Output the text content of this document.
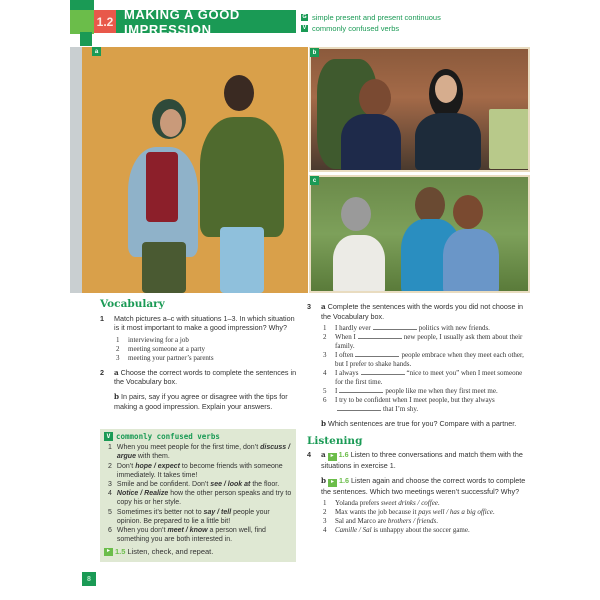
1.2 MAKING A GOOD IMPRESSION
G simple present and present continuous
V commonly confused verbs
a	b
c
Vocabulary
1	Match pictures a–c with situations 1–3. In which situation is it most important to make a good impression? Why?
1	interviewing for a job
2	meeting someone at a party
3	meeting your partner’s parents
2	a Choose the correct words to complete the sentences in the Vocabulary box.
b In pairs, say if you agree or disagree with the tips for making a good impression. Explain your answers.
V commonly confused verbs
1 When you meet people for the first time, don’t discuss / argue with them.
2 Don’t hope / expect to become friends with someone immediately. It takes time!
3 Smile and be confident. Don’t see / look at the floor.
4 Notice / Realize how the other person speaks and try to copy his or her style.
5 Sometimes it’s better not to say / tell people your opinion. Be prepared to lie a little bit!
6 When you don’t meet / know a person well, find something you are both interested in.
▸ 1.5 Listen, check, and repeat.
3	a Complete the sentences with the words you did not choose in the Vocabulary box.
1	I hardly ever	politics with new friends.
2	When I	new people, I usually ask them about their family.
3	I often	people embrace when they meet each other, but I prefer to shake hands.
4	I always	“nice to meet you” when I meet someone for the first time.
5	I	people like me when they first meet me.
6	I try to be confident when I meet people, but they alwaysthat I’m shy.
b Which sentences are true for you? Compare with a partner.
Listening
4	a ▸ 1.6 Listen to three conversations and match them with the situations in exercise 1.
b ▸ 1.6 Listen again and choose the correct words to complete the sentences. Which two meetings weren’t successful? Why?
1	Yolanda prefers sweet drinks / coffee.
2	Max wants the job because it pays well / has a big office.
3	Sal and Marco are brothers / friends.
4	Camille / Sal is unhappy about the soccer game.
8
